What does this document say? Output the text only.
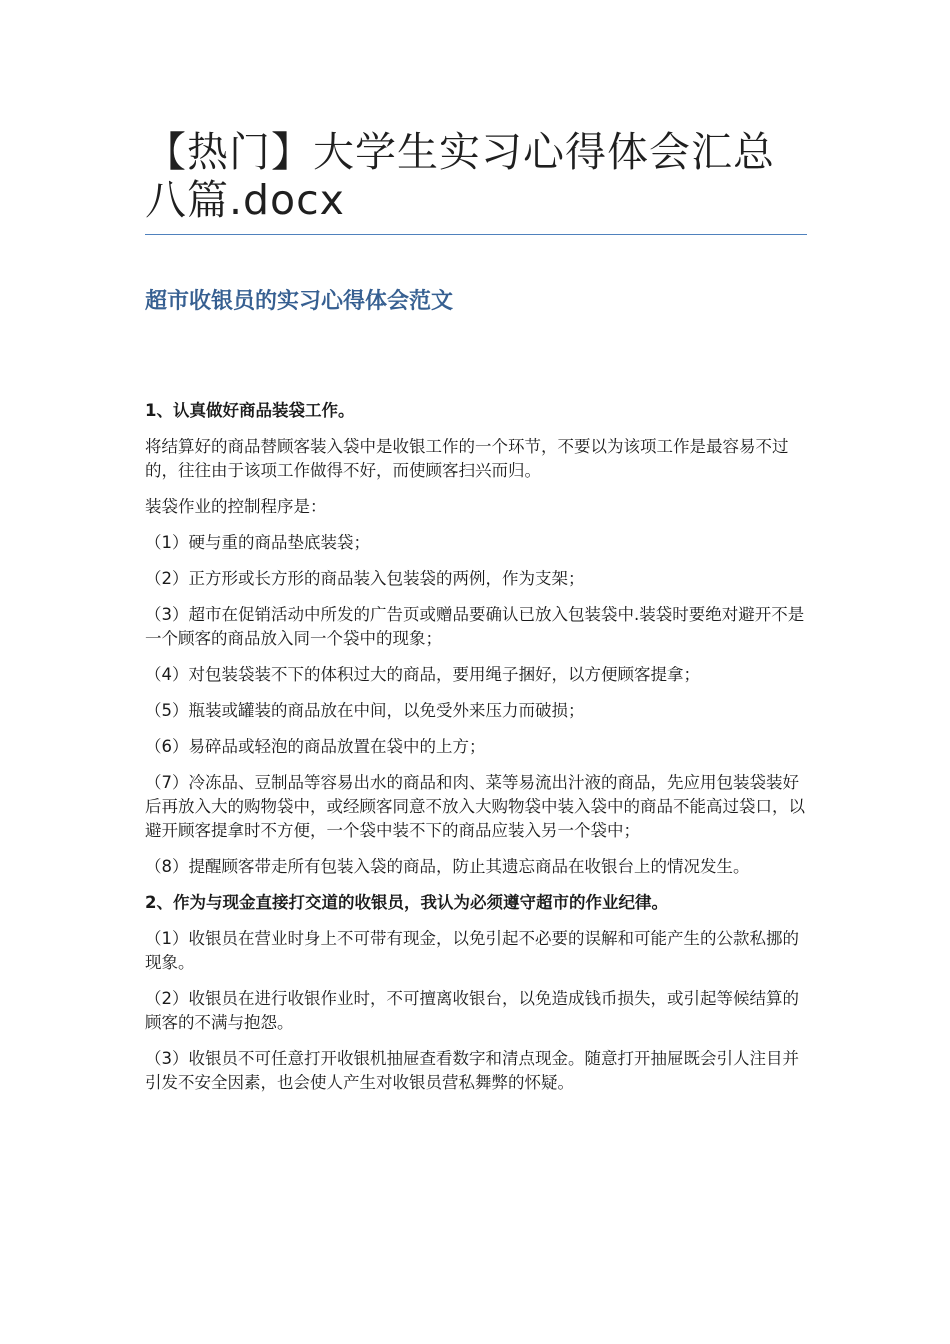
【热门】大学生实习心得体会汇总八篇.docx
超市收银员的实习心得体会范文

1、认真做好商品装袋工作。

将结算好的商品替顾客装入袋中是收银工作的一个环节，不要以为该项工作是最容易不过的，往往由于该项工作做得不好，而使顾客扫兴而归。

装袋作业的控制程序是：

（1）硬与重的商品垫底装袋；

（2）正方形或长方形的商品装入包装袋的两例，作为支架；

（3）超市在促销活动中所发的广告页或赠品要确认已放入包装袋中.装袋时要绝对避开不是一个顾客的商品放入同一个袋中的现象；

（4）对包装袋装不下的体积过大的商品，要用绳子捆好，以方便顾客提拿；

（5）瓶装或罐装的商品放在中间，以免受外来压力而破损；

（6）易碎品或轻泡的商品放置在袋中的上方；

（7）冷冻品、豆制品等容易出水的商品和肉、菜等易流出汁液的商品，先应用包装袋装好后再放入大的购物袋中，或经顾客同意不放入大购物袋中装入袋中的商品不能高过袋口，以避开顾客提拿时不方便，一个袋中装不下的商品应装入另一个袋中；

（8）提醒顾客带走所有包装入袋的商品，防止其遗忘商品在收银台上的情况发生。

2、作为与现金直接打交道的收银员，我认为必须遵守超市的作业纪律。

（1）收银员在营业时身上不可带有现金，以免引起不必要的误解和可能产生的公款私挪的现象。

（2）收银员在进行收银作业时，不可擅离收银台，以免造成钱币损失，或引起等候结算的顾客的不满与抱怨。

（3）收银员不可任意打开收银机抽屉查看数字和清点现金。随意打开抽屉既会引人注目并引发不安全因素，也会使人产生对收银员营私舞弊的怀疑。
